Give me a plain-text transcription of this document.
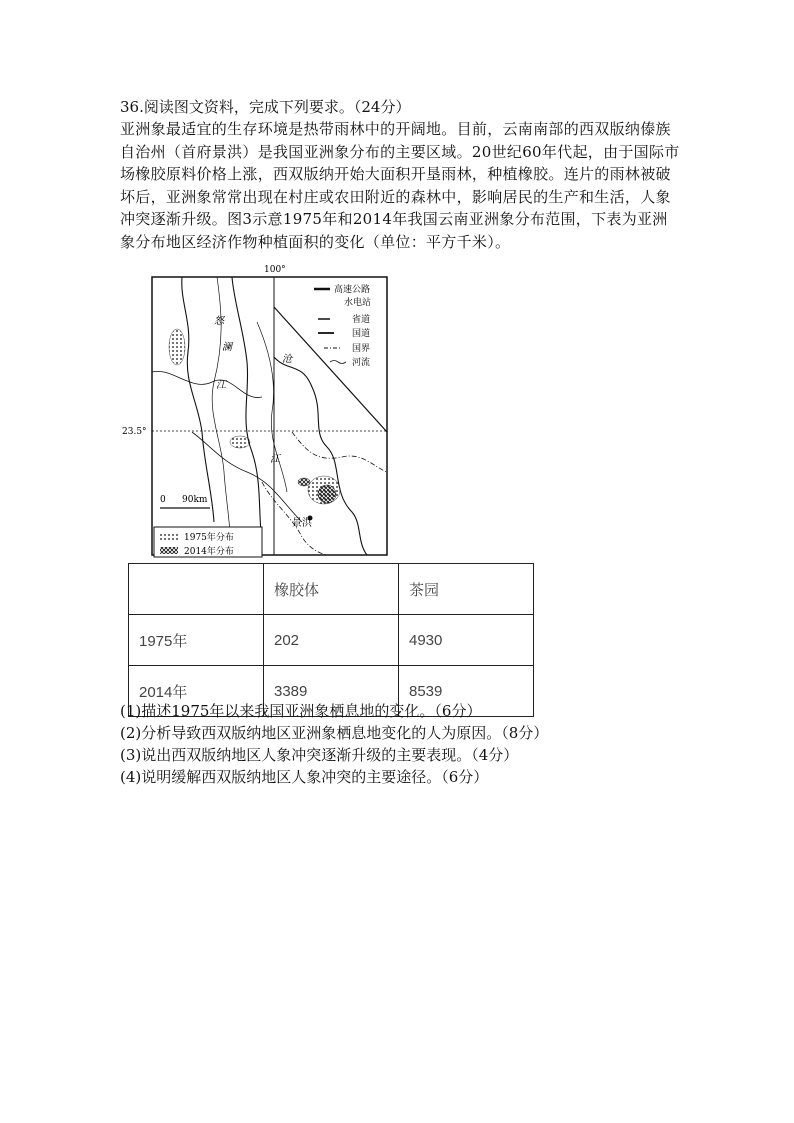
36.阅读图文资料，完成下列要求。（24分）
亚洲象最适宜的生存环境是热带雨林中的开阔地。目前，云南南部的西双版纳傣族自治州（首府景洪）是我国亚洲象分布的主要区域。20世纪60年代起，由于国际市场橡胶原料价格上涨，西双版纳开始大面积开垦雨林，种植橡胶。连片的雨林被破坏后，亚洲象常常出现在村庄或农田附近的森林中，影响居民的生产和生活，人象冲突逐渐升级。图3示意1975年和2014年我国云南亚洲象分布范围，下表为亚洲象分布地区经济作物种植面积的变化（单位：平方千米）。
100°
23.5°
景洪
怒
澜
江
沧
江
0 90km
高速公路
水电站
省道
国道
国界
河流
1975年分布
2014年分布
	橡胶体	茶园
1975年	202	4930
2014年	3389	8539
(1)描述1975年以来我国亚洲象栖息地的变化。（6分）
(2)分析导致西双版纳地区亚洲象栖息地变化的人为原因。（8分）
(3)说出西双版纳地区人象冲突逐渐升级的主要表现。（4分）
(4)说明缓解西双版纳地区人象冲突的主要途径。（6分）
